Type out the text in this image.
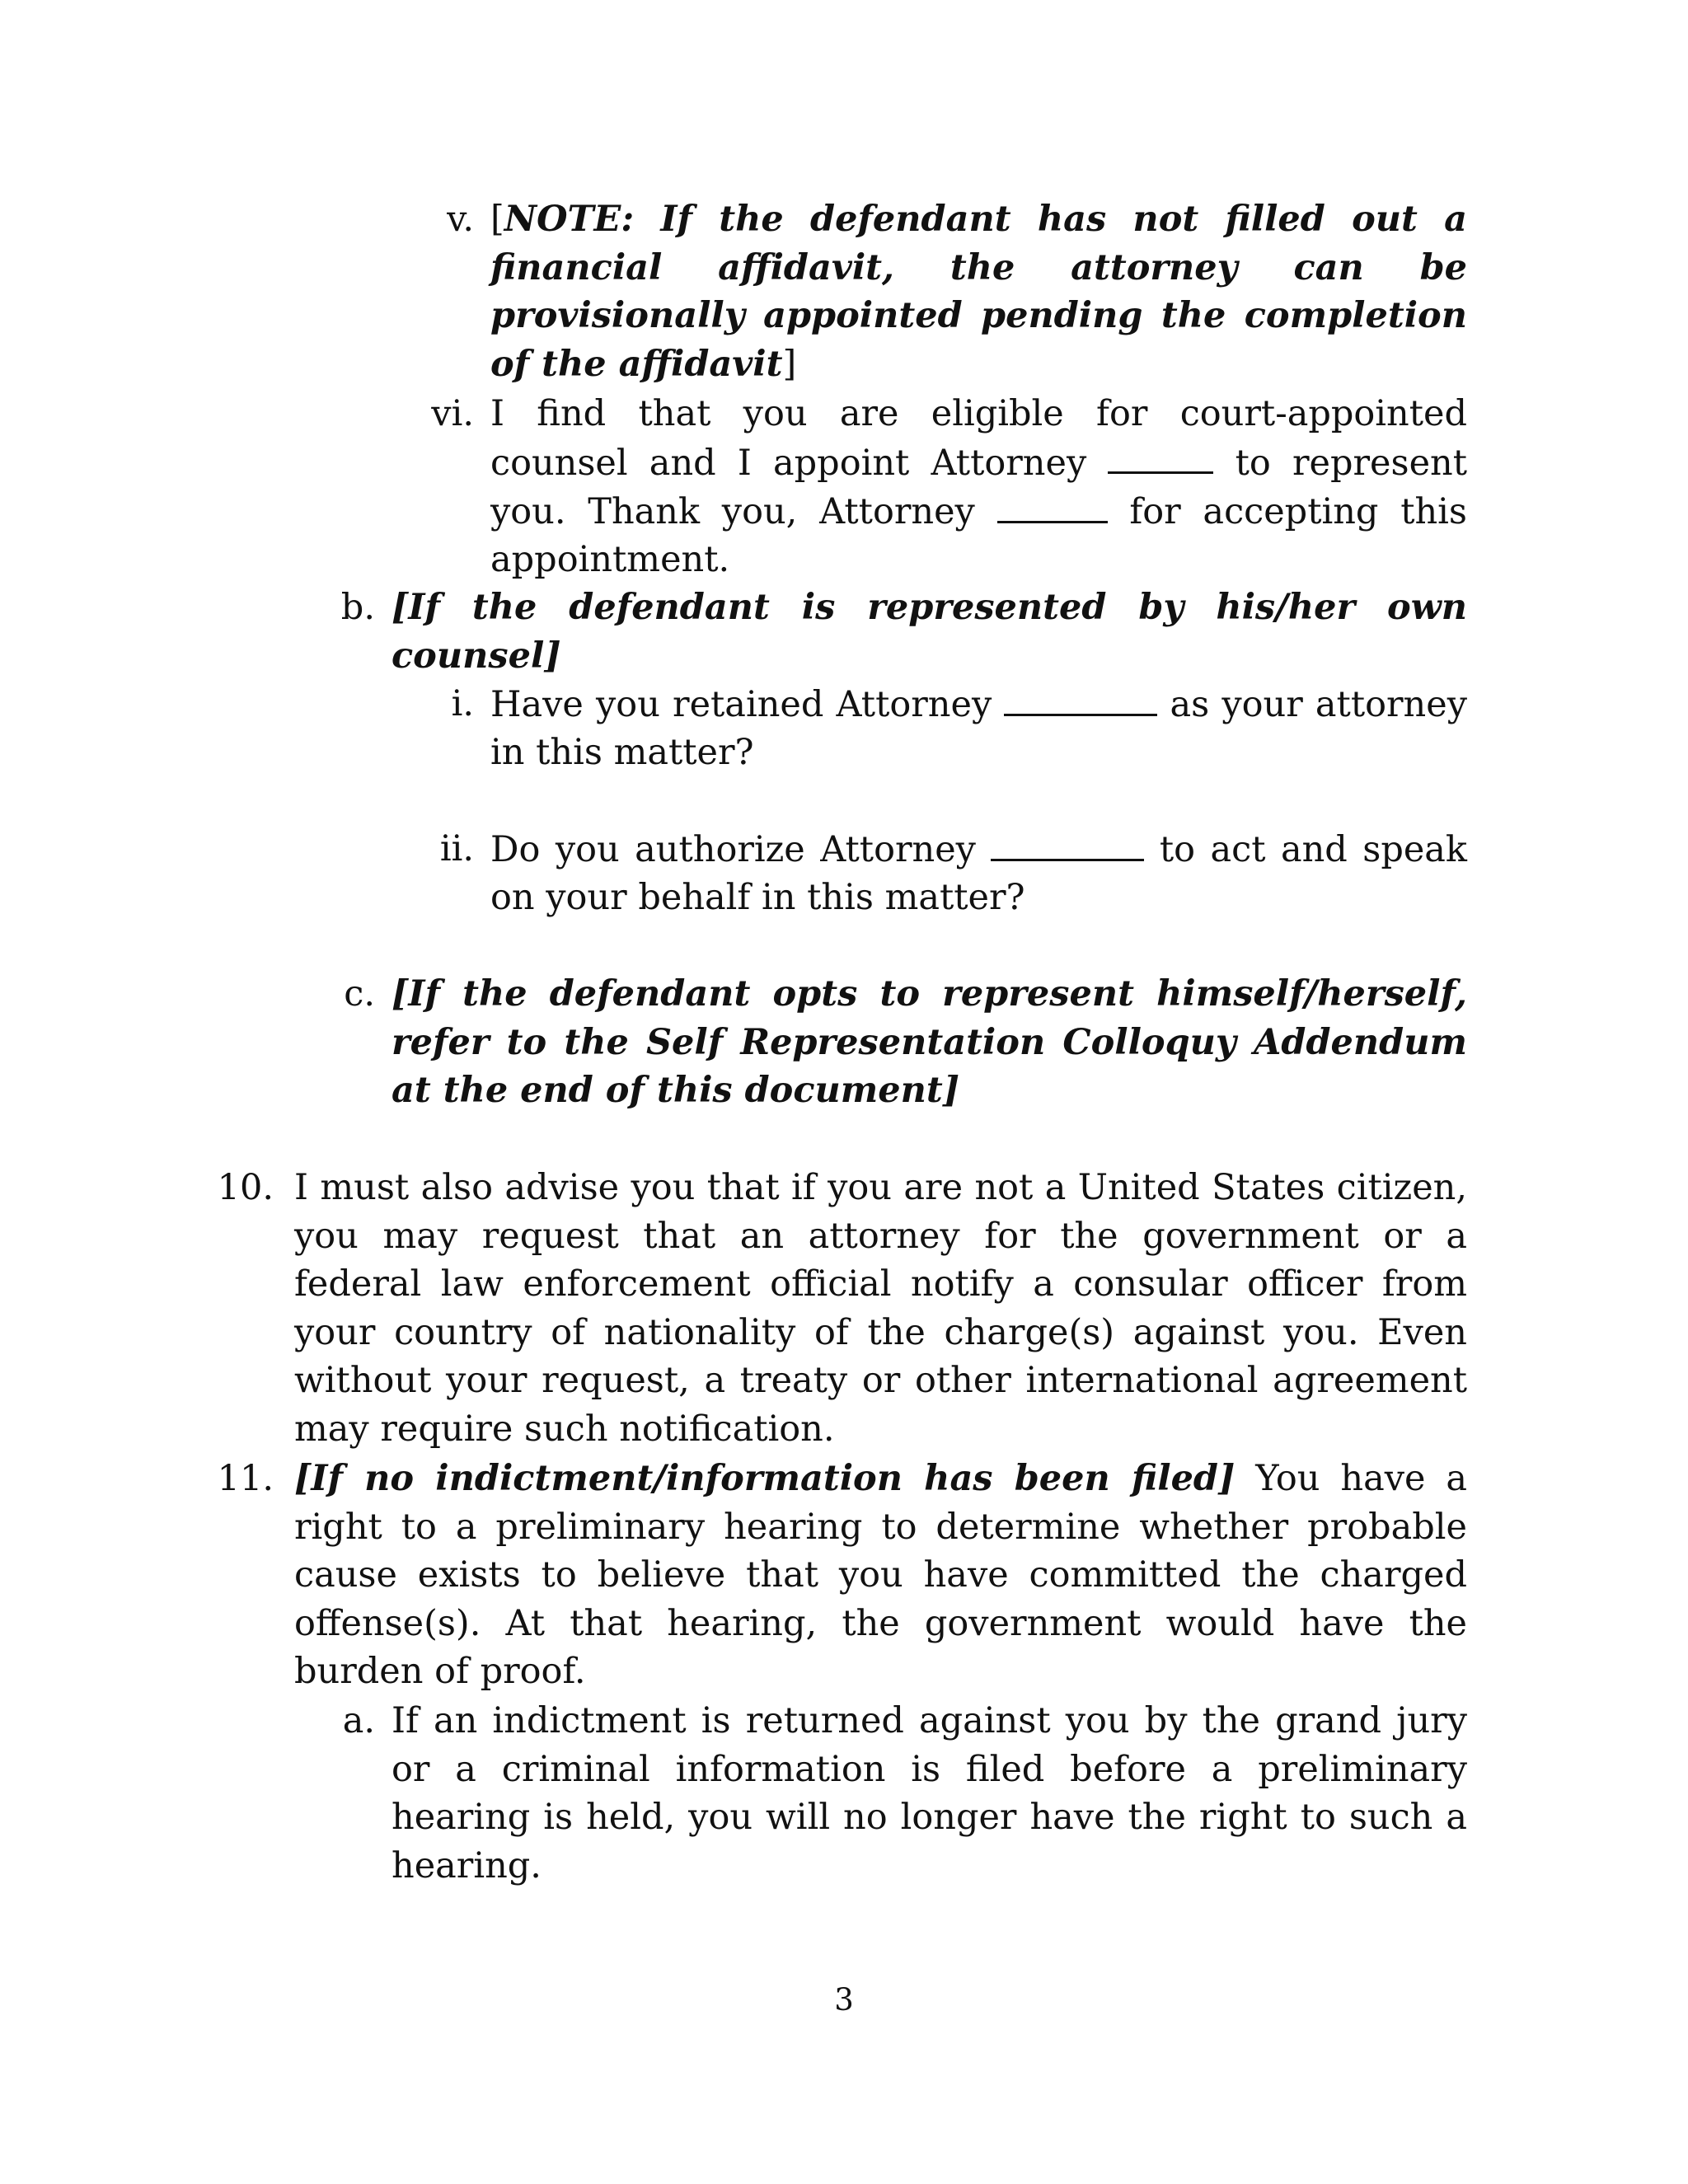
v. [NOTE: If the defendant has not filled out a financial affidavit, the attorney can be provisionally appointed pending the completion of the affidavit]
vi. I find that you are eligible for court-appointed counsel and I appoint Attorney	to represent you. Thank you, Attorney	for accepting this appointment.
b. [If the defendant is represented by his/her own counsel]
i. Have you retained Attorney	as your attorney in this matter?
ii. Do you authorize Attorney	to act and speak on your behalf in this matter?
c. [If the defendant opts to represent himself/herself, refer to the Self Representation Colloquy Addendum at the end of this document]
10. I must also advise you that if you are not a United States citizen, you may request that an attorney for the government or a federal law enforcement official notify a consular officer from your country of nationality of the charge(s) against you. Even without your request, a treaty or other international agreement may require such notification.
11. [If no indictment/information has been filed] You have a right to a preliminary hearing to determine whether probable cause exists to believe that you have committed the charged offense(s). At that hearing, the government would have the burden of proof.
a. If an indictment is returned against you by the grand jury or a criminal information is filed before a preliminary hearing is held, you will no longer have the right to such a hearing.
3
